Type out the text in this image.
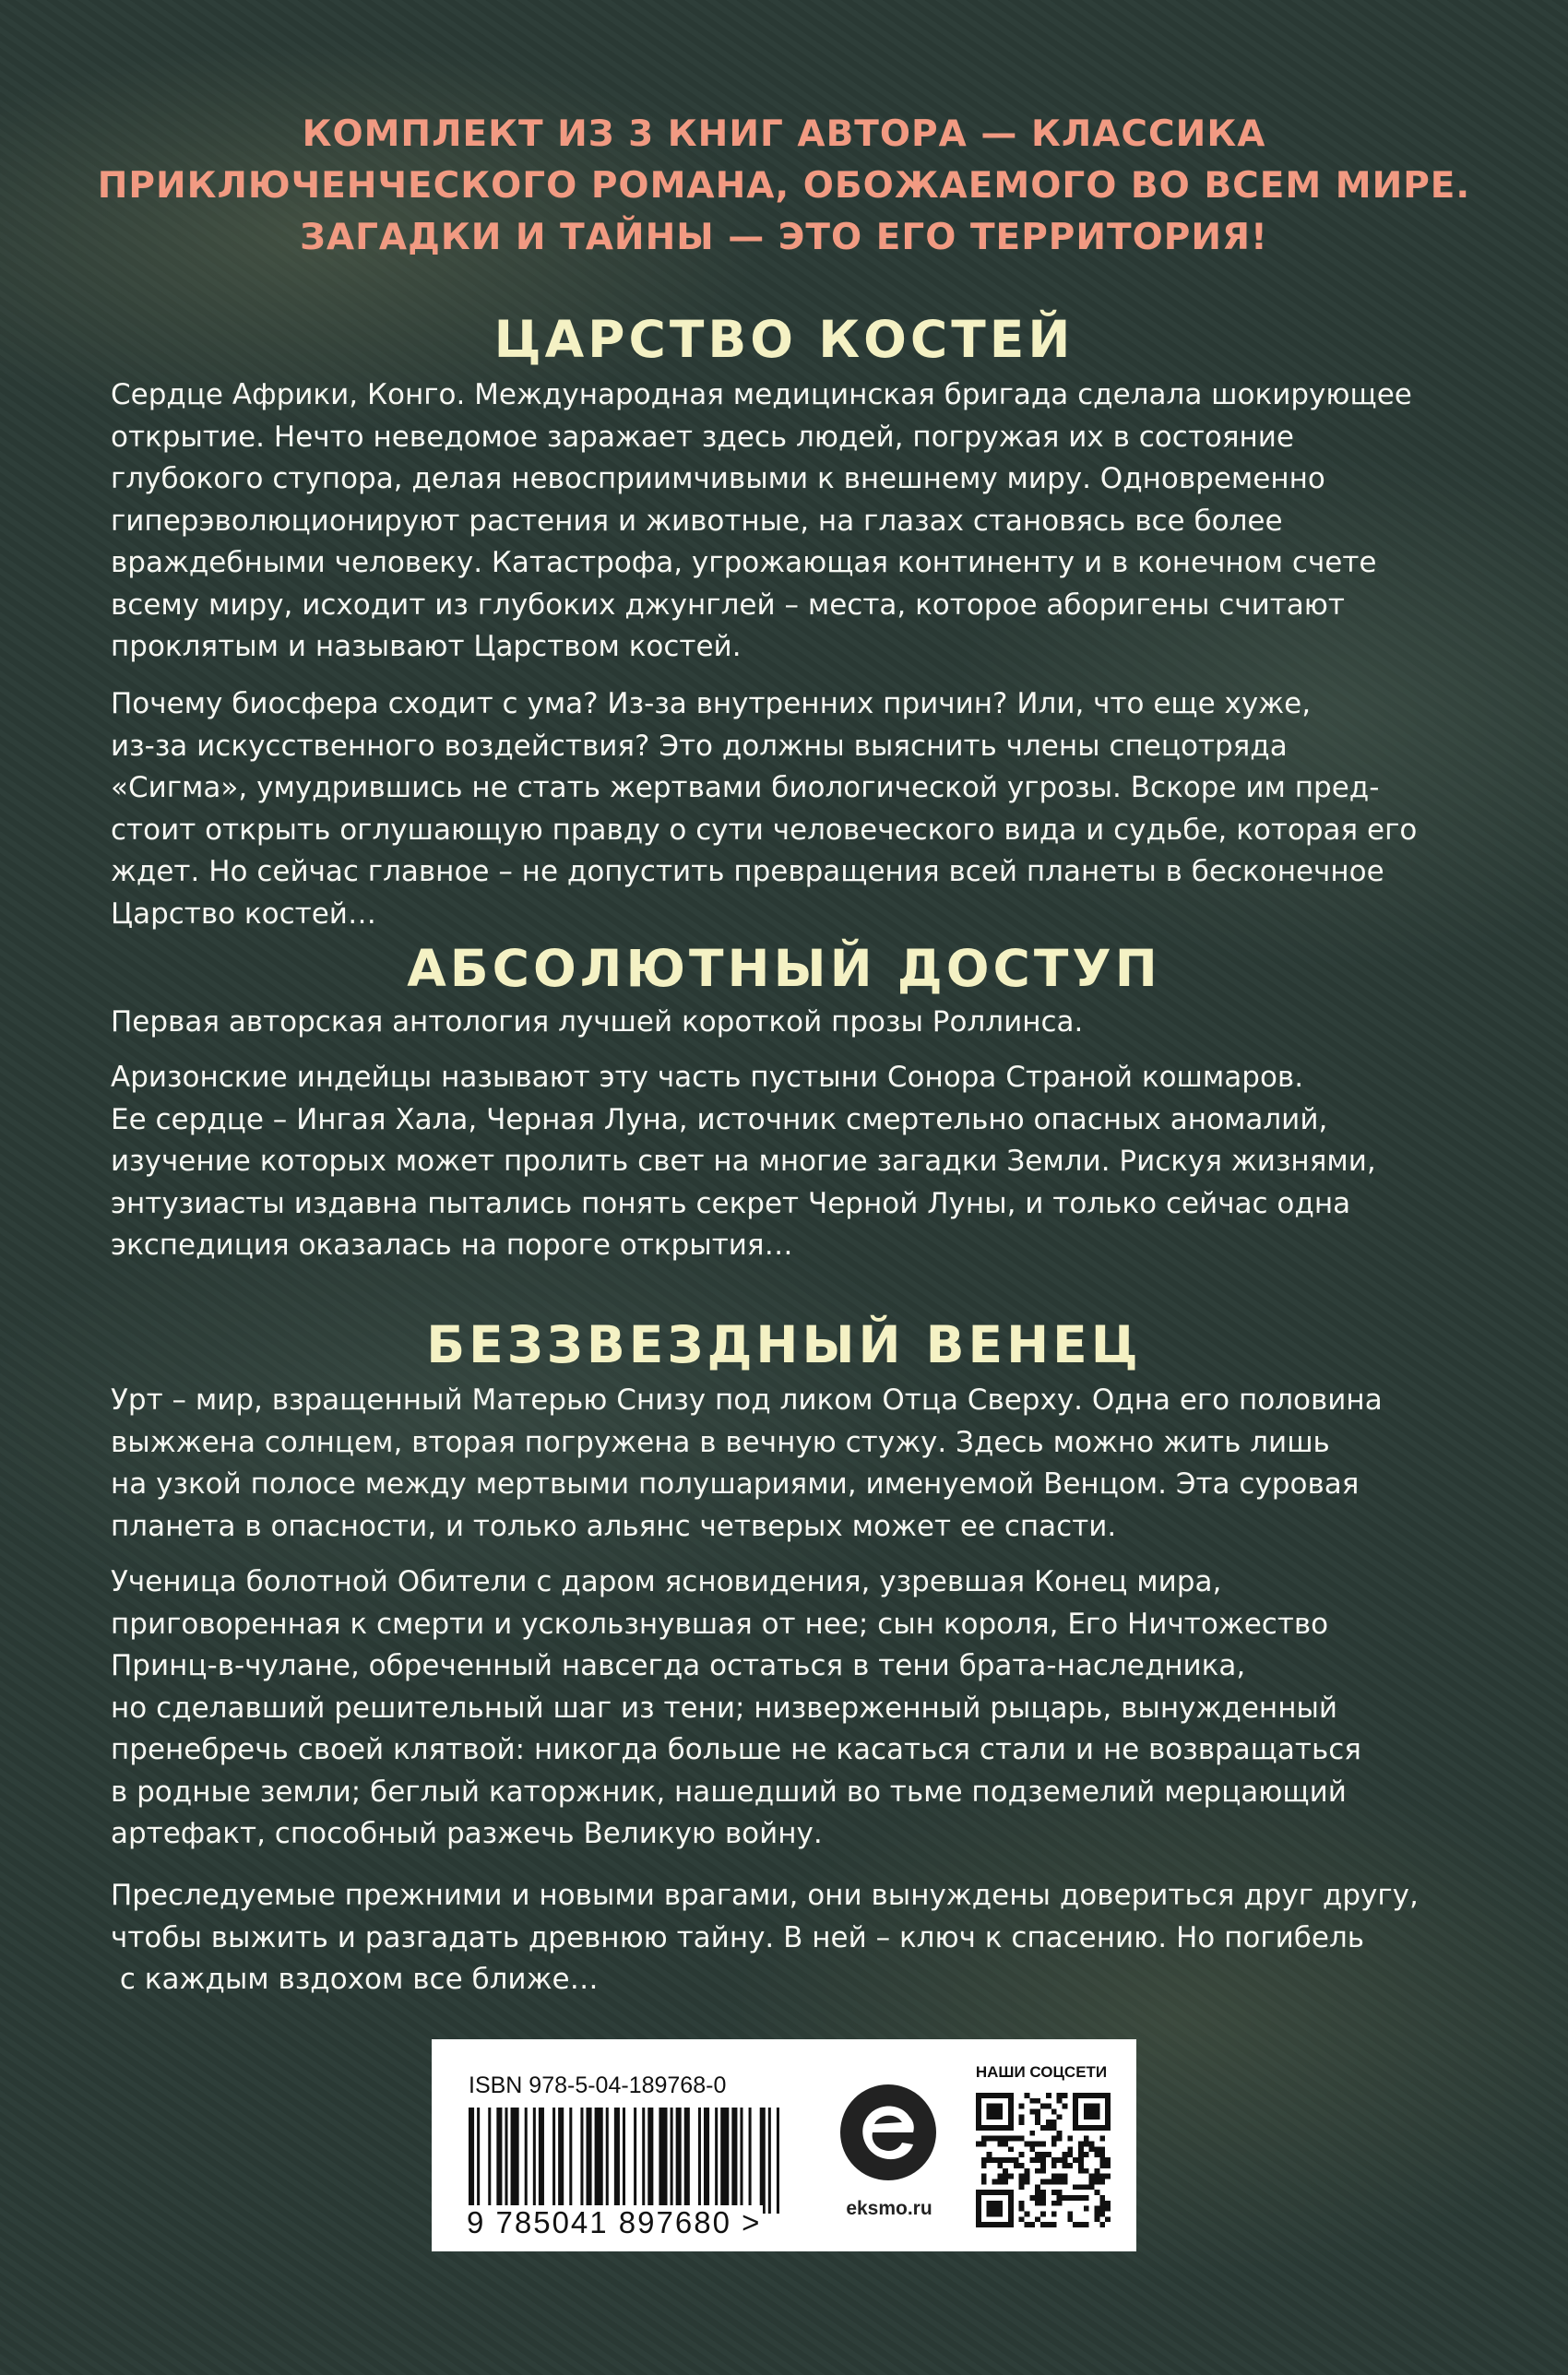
КОМПЛЕКТ ИЗ 3 КНИГ АВТОРА — КЛАССИКА
ПРИКЛЮЧЕНЧЕСКОГО РОМАНА, ОБОЖАЕМОГО ВО ВСЕМ МИРЕ.
ЗАГАДКИ И ТАЙНЫ — ЭТО ЕГО ТЕРРИТОРИЯ!
ЦАРСТВО КОСТЕЙ
Сердце Африки, Конго. Международная медицинская бригада сделала шокирующее
открытие. Нечто неведомое заражает здесь людей, погружая их в состояние
глубокого ступора, делая невосприимчивыми к внешнему миру. Одновременно
гиперэволюционируют растения и животные, на глазах становясь все более
враждебными человеку. Катастрофа, угрожающая континенту и в конечном счете
всему миру, исходит из глубоких джунглей – места, которое аборигены считают
проклятым и называют Царством костей.
Почему биосфера сходит с ума? Из-за внутренних причин? Или, что еще хуже,
из-за искусственного воздействия? Это должны выяснить члены спецотряда
«Сигма», умудрившись не стать жертвами биологической угрозы. Вскоре им пред-
стоит открыть оглушающую правду о сути человеческого вида и судьбе, которая его
ждет. Но сейчас главное – не допустить превращения всей планеты в бесконечное
Царство костей…
АБСОЛЮТНЫЙ ДОСТУП
Первая авторская антология лучшей короткой прозы Роллинса.
Аризонские индейцы называют эту часть пустыни Сонора Страной кошмаров.
Ее сердце – Ингая Хала, Черная Луна, источник смертельно опасных аномалий,
изучение которых может пролить свет на многие загадки Земли. Рискуя жизнями,
энтузиасты издавна пытались понять секрет Черной Луны, и только сейчас одна
экспедиция оказалась на пороге открытия…
БЕЗЗВЕЗДНЫЙ ВЕНЕЦ
Урт – мир, взращенный Матерью Снизу под ликом Отца Сверху. Одна его половина
выжжена солнцем, вторая погружена в вечную стужу. Здесь можно жить лишь
на узкой полосе между мертвыми полушариями, именуемой Венцом. Эта суровая
планета в опасности, и только альянс четверых может ее спасти.
Ученица болотной Обители с даром ясновидения, узревшая Конец мира,
приговоренная к смерти и ускользнувшая от нее; сын короля, Его Ничтожество
Принц-в-чулане, обреченный навсегда остаться в тени брата-наследника,
но сделавший решительный шаг из тени; низверженный рыцарь, вынужденный
пренебречь своей клятвой: никогда больше не касаться стали и не возвращаться
в родные земли; беглый каторжник, нашедший во тьме подземелий мерцающий
артефакт, способный разжечь Великую войну.
Преследуемые прежними и новыми врагами, они вынуждены довериться друг другу,
чтобы выжить и разгадать древнюю тайну. В ней – ключ к спасению. Но погибель
с каждым вздохом все ближе…
ISBN 978-5-04-189768-0
9 785041 897680 >	eksmo.ru
НАШИ СОЦСЕТИ
